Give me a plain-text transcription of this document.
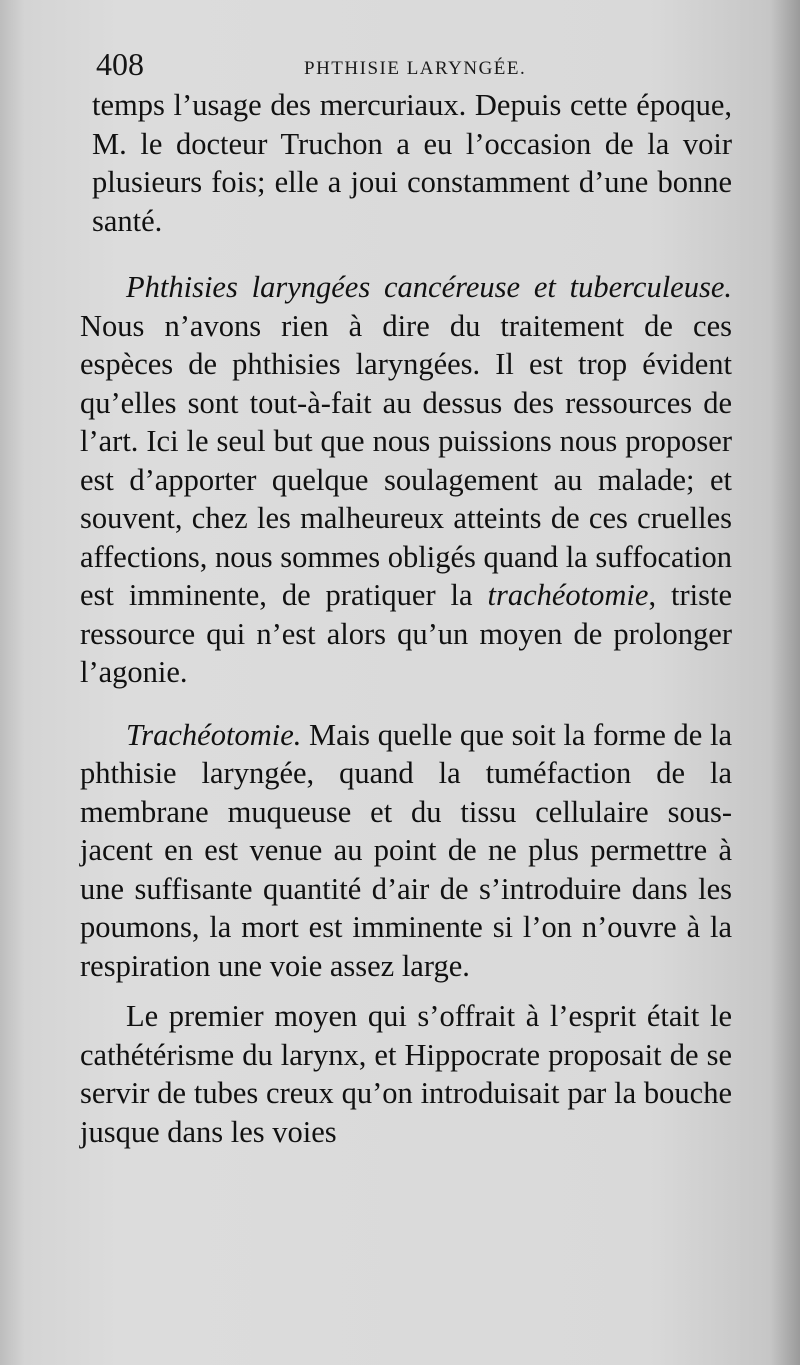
408	PHTHISIE LARYNGÉE.

temps l’usage des mercuriaux. Depuis cette époque, M. le docteur Truchon a eu l’occasion de la voir plusieurs fois; elle a joui constamment d’une bonne santé.

Phthisies laryngées cancéreuse et tuberculeuse. Nous n’avons rien à dire du traitement de ces espèces de phthisies laryngées. Il est trop évident qu’elles sont tout-à-fait au dessus des ressources de l’art. Ici le seul but que nous puissions nous proposer est d’apporter quelque soulagement au malade; et souvent, chez les malheureux atteints de ces cruelles affections, nous sommes obligés quand la suffocation est imminente, de pratiquer la trachéotomie, triste ressource qui n’est alors qu’un moyen de prolonger l’agonie.

Trachéotomie. Mais quelle que soit la forme de la phthisie laryngée, quand la tuméfaction de la membrane muqueuse et du tissu cellulaire sous-jacent en est venue au point de ne plus permettre à une suffisante quantité d’air de s’introduire dans les poumons, la mort est imminente si l’on n’ouvre à la respiration une voie assez large.

Le premier moyen qui s’offrait à l’esprit était le cathétérisme du larynx, et Hippocrate proposait de se servir de tubes creux qu’on introduisait par la bouche jusque dans les voies
